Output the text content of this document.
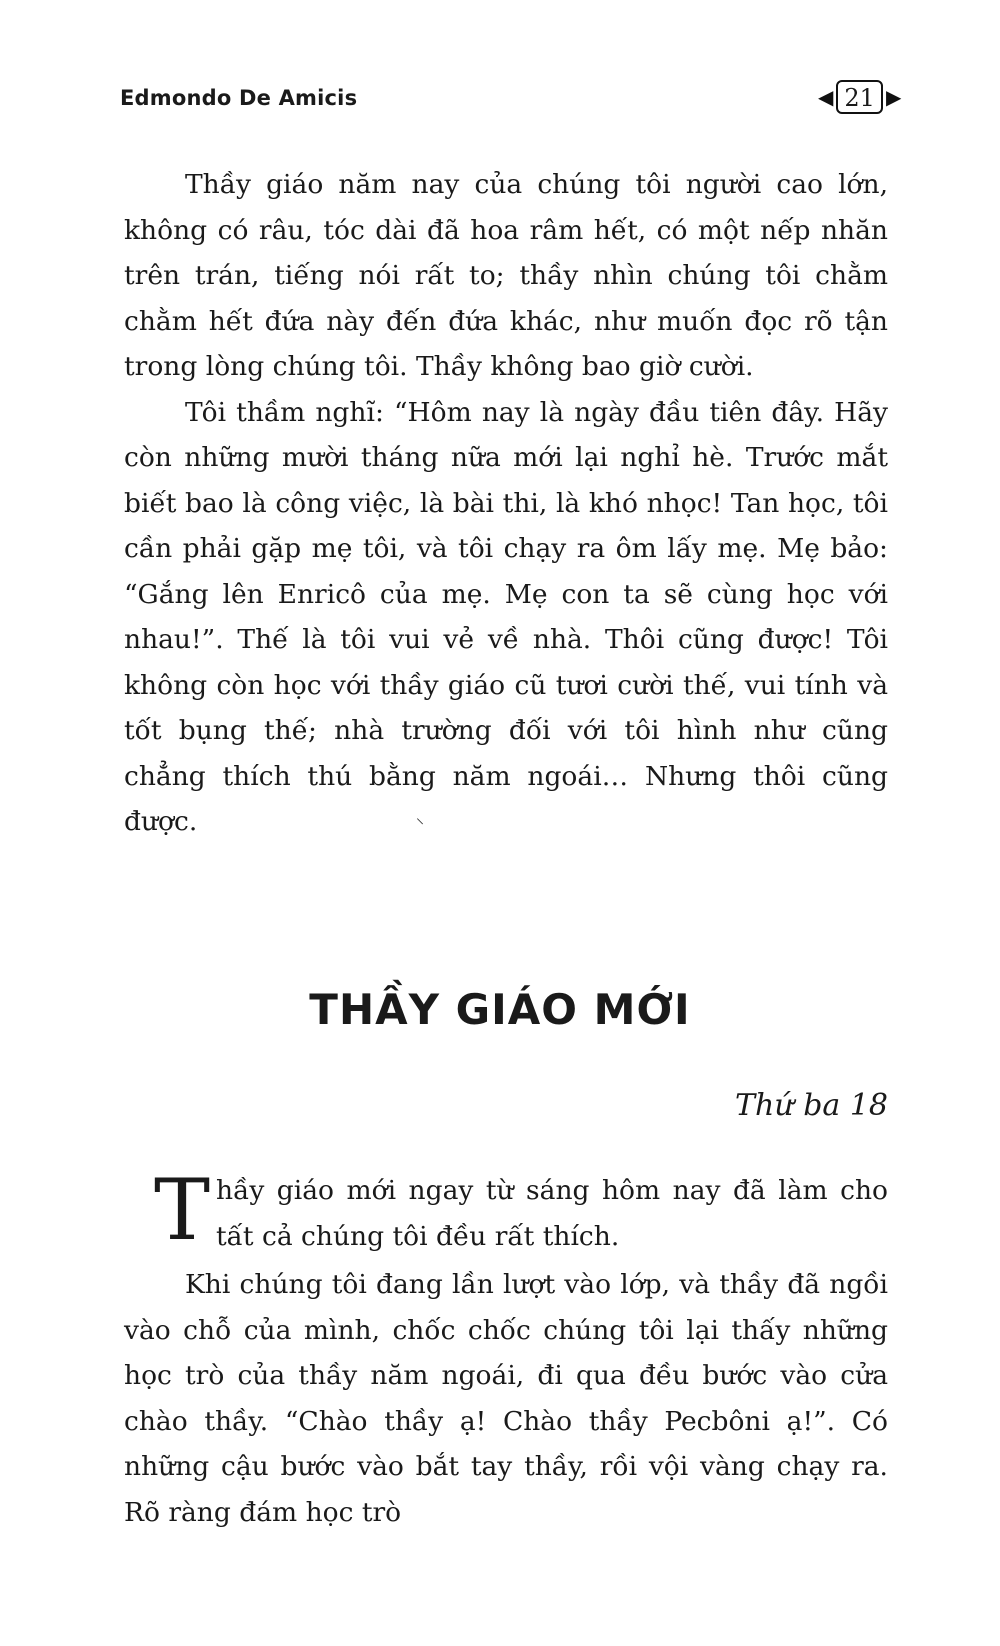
Edmondo De Amicis	◀ 21 ▶

Thầy giáo năm nay của chúng tôi người cao lớn, không có râu, tóc dài đã hoa râm hết, có một nếp nhăn trên trán, tiếng nói rất to; thầy nhìn chúng tôi chằm chằm hết đứa này đến đứa khác, như muốn đọc rõ tận trong lòng chúng tôi. Thầy không bao giờ cười.

Tôi thầm nghĩ: “Hôm nay là ngày đầu tiên đây. Hãy còn những mười tháng nữa mới lại nghỉ hè. Trước mắt biết bao là công việc, là bài thi, là khó nhọc! Tan học, tôi cần phải gặp mẹ tôi, và tôi chạy ra ôm lấy mẹ. Mẹ bảo: “Gắng lên Enricô của mẹ. Mẹ con ta sẽ cùng học với nhau!”. Thế là tôi vui vẻ về nhà. Thôi cũng được! Tôi không còn học với thầy giáo cũ tươi cười thế, vui tính và tốt bụng thế; nhà trường đối với tôi hình như cũng chẳng thích thú bằng năm ngoái… Nhưng thôi cũng được.	⸜
THẦY GIÁO MỚI
Thứ ba 18
T hầy giáo mới ngay từ sáng hôm nay đã làm cho tất cả chúng tôi đều rất thích.

Khi chúng tôi đang lần lượt vào lớp, và thầy đã ngồi vào chỗ của mình, chốc chốc chúng tôi lại thấy những học trò của thầy năm ngoái, đi qua đều bước vào cửa chào thầy. “Chào thầy ạ! Chào thầy Pecbôni ạ!”. Có những cậu bước vào bắt tay thầy, rồi vội vàng chạy ra. Rõ ràng đám học trò
